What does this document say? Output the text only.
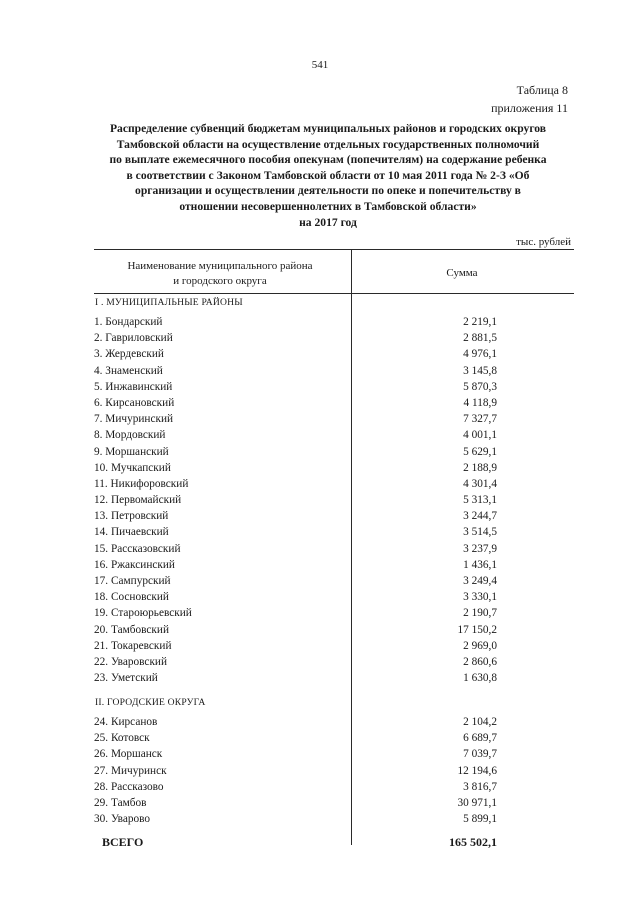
541
Таблица 8
приложения 11
Распределение субвенций бюджетам муниципальных районов и городских округов
Тамбовской области на осуществление отдельных государственных полномочий
по выплате ежемесячного пособия опекунам (попечителям) на содержание ребенка
в соответствии с Законом Тамбовской области от 10 мая 2011 года № 2-З «Об
организации и осуществлении деятельности по опеке и попечительству в
отношении несовершеннолетних в Тамбовской области»
на 2017 год
тыс. рублей
Наименование муниципального района
и городского округа
Сумма
I . МУНИЦИПАЛЬНЫЕ РАЙОНЫ
1. Бондарский	2 219,1
2. Гавриловский	2 881,5
3. Жердевский	4 976,1
4. Знаменский	3 145,8
5. Инжавинский	5 870,3
6. Кирсановский	4 118,9
7. Мичуринский	7 327,7
8. Мордовский	4 001,1
9. Моршанский	5 629,1
10. Мучкапский	2 188,9
11. Никифоровский	4 301,4
12. Первомайский	5 313,1
13. Петровский	3 244,7
14. Пичаевский	3 514,5
15. Рассказовский	3 237,9
16. Ржаксинский	1 436,1
17. Сампурский	3 249,4
18. Сосновский	3 330,1
19. Староюрьевский	2 190,7
20. Тамбовский	17 150,2
21. Токаревский	2 969,0
22. Уваровский	2 860,6
23. Уметский	1 630,8
II. ГОРОДСКИЕ ОКРУГА
24. Кирсанов	2 104,2
25. Котовск	6 689,7
26. Моршанск	7 039,7
27. Мичуринск	12 194,6
28. Рассказово	3 816,7
29. Тамбов	30 971,1
30. Уварово	5 899,1
ВСЕГО	165 502,1
